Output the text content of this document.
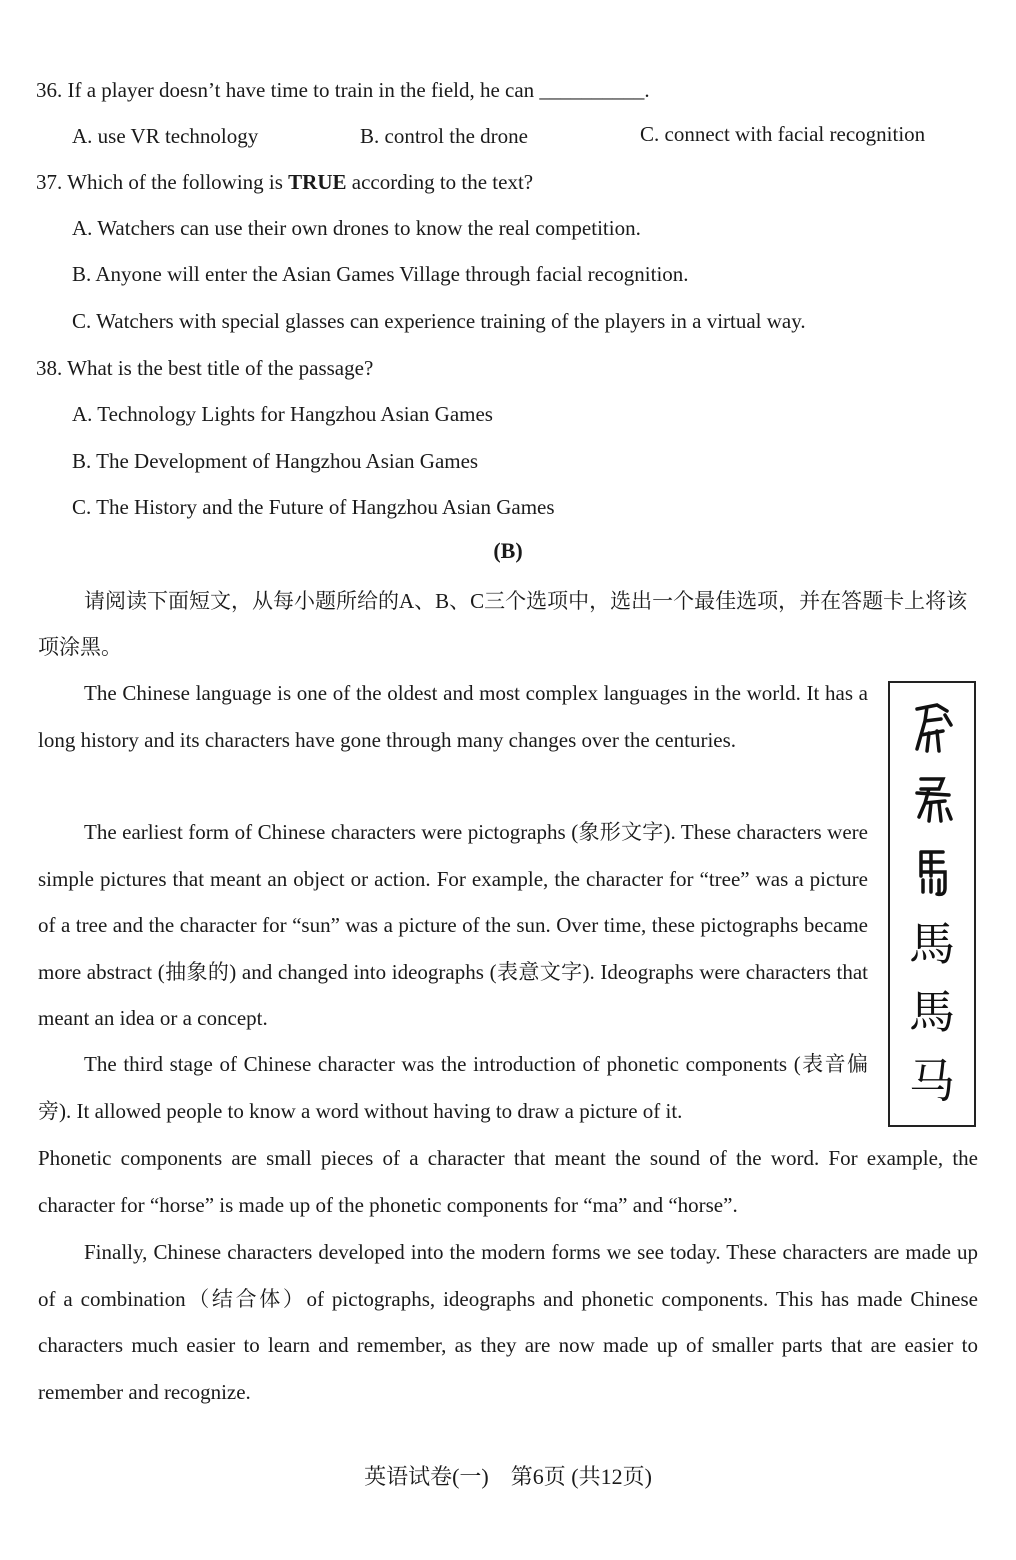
36. If a player doesn’t have time to train in the field, he can __________.
A. use VR technology	B. control the drone	C. connect with facial recognition
37. Which of the following is TRUE according to the text?
A. Watchers can use their own drones to know the real competition.
B. Anyone will enter the Asian Games Village through facial recognition.
C. Watchers with special glasses can experience training of the players in a virtual way.
38. What is the best title of the passage?
A. Technology Lights for Hangzhou Asian Games
B. The Development of Hangzhou Asian Games
C. The History and the Future of Hangzhou Asian Games
(B)

请阅读下面短文，从每小题所给的A、B、C三个选项中，选出一个最佳选项，并在答题卡上将该项涂黑。

The Chinese language is one of the oldest and most complex languages in the world. It has a long history and its characters have gone through many changes over the centuries.

The earliest form of Chinese characters were pictographs (象形文字). These characters were simple pictures that meant an object or action. For example, the character for “tree” was a picture of a tree and the character for “sun” was a picture of the sun. Over time, these pictographs became more abstract (抽象的) and changed into ideographs (表意文字). Ideographs were characters that meant an idea or a concept.

The third stage of Chinese character was the introduction of phonetic components (表音偏旁). It allowed people to know a word without having to draw a picture of it.

Phonetic components are small pieces of a character that meant the sound of the word. For example, the character for “horse” is made up of the phonetic components for “ma” and “horse”.

Finally, Chinese characters developed into the modern forms we see today. These characters are made up of a combination（结合体）of pictographs, ideographs and phonetic components. This has made Chinese characters much easier to learn and remember, as they are now made up of smaller parts that are easier to remember and recognize.

馬
馬
马
英语试卷(一)　第6页 (共12页)
